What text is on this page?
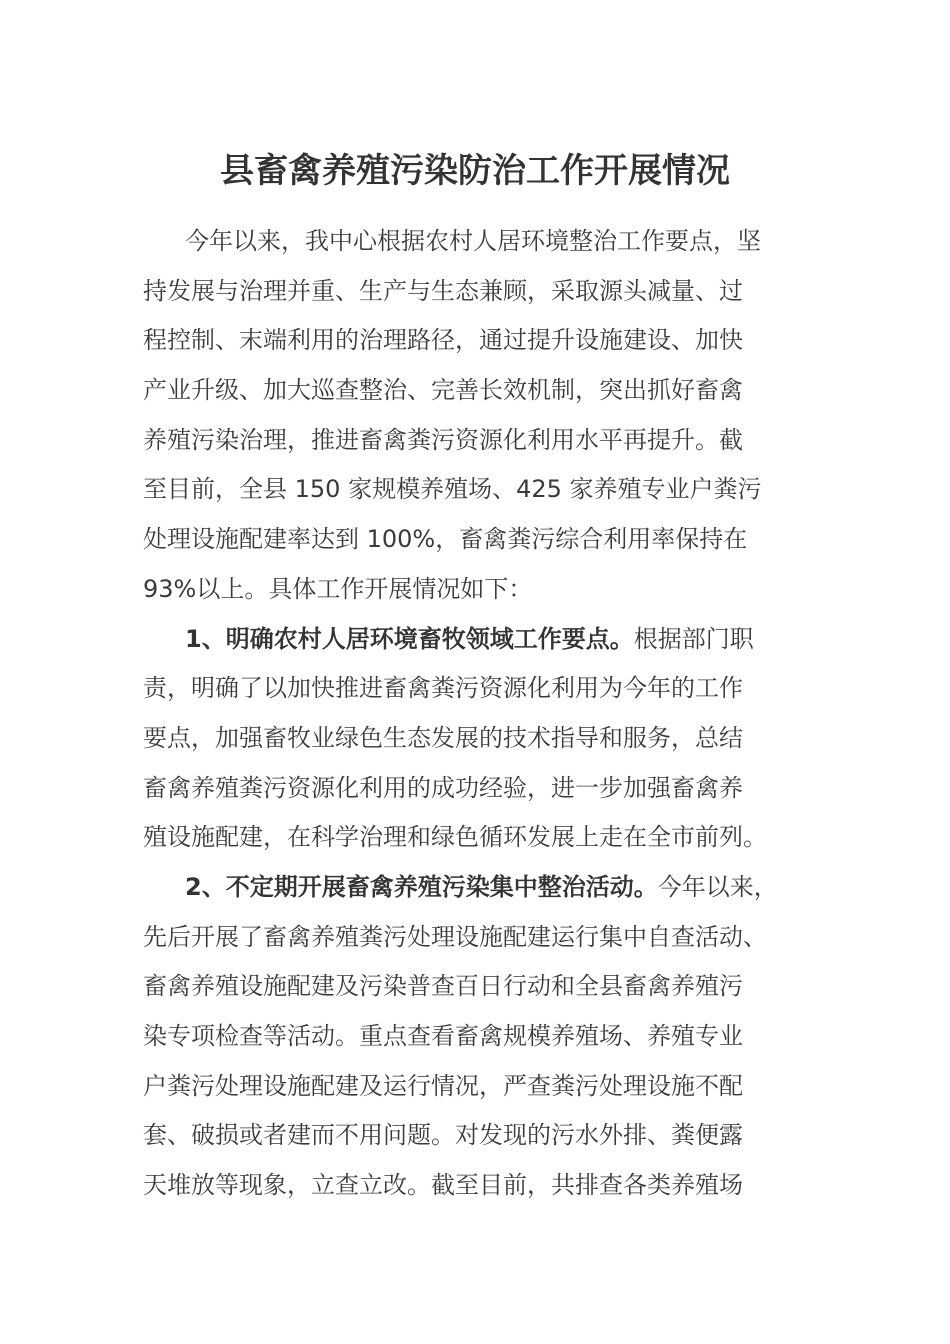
县畜禽养殖污染防治工作开展情况
今年以来，我中心根据农村人居环境整治工作要点，坚
持发展与治理并重、生产与生态兼顾，采取源头减量、过
程控制、末端利用的治理路径，通过提升设施建设、加快
产业升级、加大巡查整治、完善长效机制，突出抓好畜禽
养殖污染治理，推进畜禽粪污资源化利用水平再提升。截
至目前，全县 150 家规模养殖场、425 家养殖专业户粪污
处理设施配建率达到 100%，畜禽粪污综合利用率保持在
93%以上。具体工作开展情况如下：
1、明确农村人居环境畜牧领域工作要点。根据部门职
责，明确了以加快推进畜禽粪污资源化利用为今年的工作
要点，加强畜牧业绿色生态发展的技术指导和服务，总结
畜禽养殖粪污资源化利用的成功经验，进一步加强畜禽养
殖设施配建，在科学治理和绿色循环发展上走在全市前列。
2、不定期开展畜禽养殖污染集中整治活动。今年以来，
先后开展了畜禽养殖粪污处理设施配建运行集中自查活动、
畜禽养殖设施配建及污染普查百日行动和全县畜禽养殖污
染专项检查等活动。重点查看畜禽规模养殖场、养殖专业
户粪污处理设施配建及运行情况，严查粪污处理设施不配
套、破损或者建而不用问题。对发现的污水外排、粪便露
天堆放等现象，立查立改。截至目前，共排查各类养殖场
